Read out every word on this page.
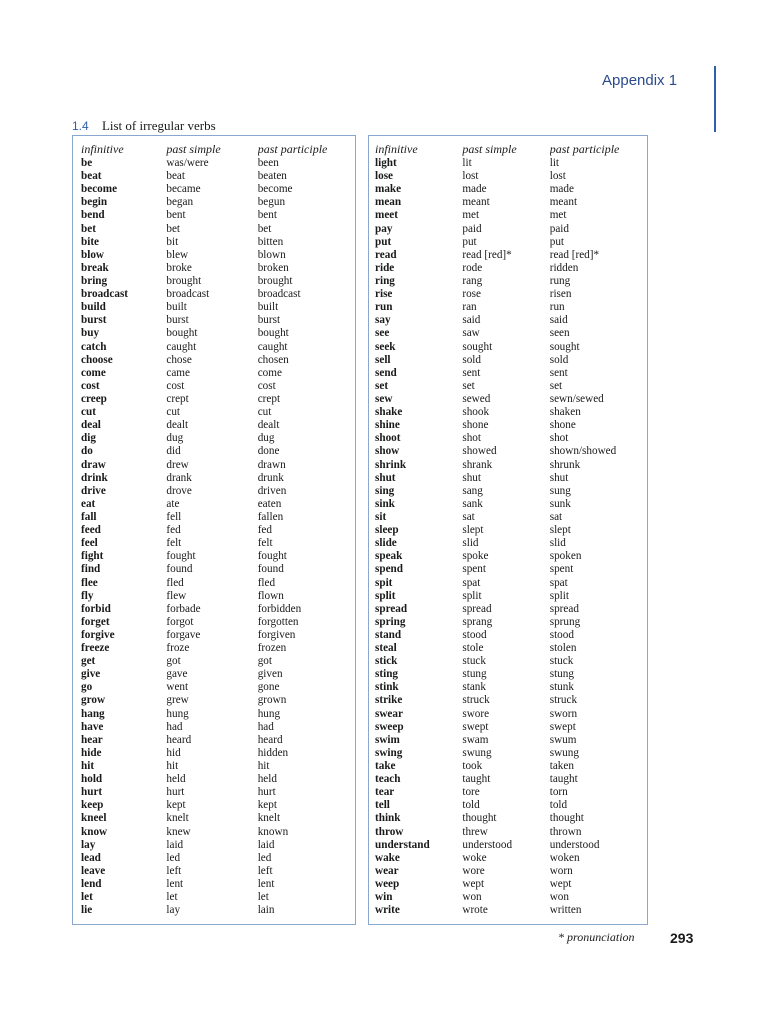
Appendix 1
1.4 List of irregular verbs
infinitive	past simple	past participle
be	was/were	been
beat	beat	beaten
become	became	become
begin	began	begun
bend	bent	bent
bet	bet	bet
bite	bit	bitten
blow	blew	blown
break	broke	broken
bring	brought	brought
broadcast	broadcast	broadcast
build	built	built
burst	burst	burst
buy	bought	bought
catch	caught	caught
choose	chose	chosen
come	came	come
cost	cost	cost
creep	crept	crept
cut	cut	cut
deal	dealt	dealt
dig	dug	dug
do	did	done
draw	drew	drawn
drink	drank	drunk
drive	drove	driven
eat	ate	eaten
fall	fell	fallen
feed	fed	fed
feel	felt	felt
fight	fought	fought
find	found	found
flee	fled	fled
fly	flew	flown
forbid	forbade	forbidden
forget	forgot	forgotten
forgive	forgave	forgiven
freeze	froze	frozen
get	got	got
give	gave	given
go	went	gone
grow	grew	grown
hang	hung	hung
have	had	had
hear	heard	heard
hide	hid	hidden
hit	hit	hit
hold	held	held
hurt	hurt	hurt
keep	kept	kept
kneel	knelt	knelt
know	knew	known
lay	laid	laid
lead	led	led
leave	left	left
lend	lent	lent
let	let	let
lie	lay	lain
infinitive	past simple	past participle
light	lit	lit
lose	lost	lost
make	made	made
mean	meant	meant
meet	met	met
pay	paid	paid
put	put	put
read	read [red]*	read [red]*
ride	rode	ridden
ring	rang	rung
rise	rose	risen
run	ran	run
say	said	said
see	saw	seen
seek	sought	sought
sell	sold	sold
send	sent	sent
set	set	set
sew	sewed	sewn/sewed
shake	shook	shaken
shine	shone	shone
shoot	shot	shot
show	showed	shown/showed
shrink	shrank	shrunk
shut	shut	shut
sing	sang	sung
sink	sank	sunk
sit	sat	sat
sleep	slept	slept
slide	slid	slid
speak	spoke	spoken
spend	spent	spent
spit	spat	spat
split	split	split
spread	spread	spread
spring	sprang	sprung
stand	stood	stood
steal	stole	stolen
stick	stuck	stuck
sting	stung	stung
stink	stank	stunk
strike	struck	struck
swear	swore	sworn
sweep	swept	swept
swim	swam	swum
swing	swung	swung
take	took	taken
teach	taught	taught
tear	tore	torn
tell	told	told
think	thought	thought
throw	threw	thrown
understand	understood	understood
wake	woke	woken
wear	wore	worn
weep	wept	wept
win	won	won
write	wrote	written
* pronunciation	293
